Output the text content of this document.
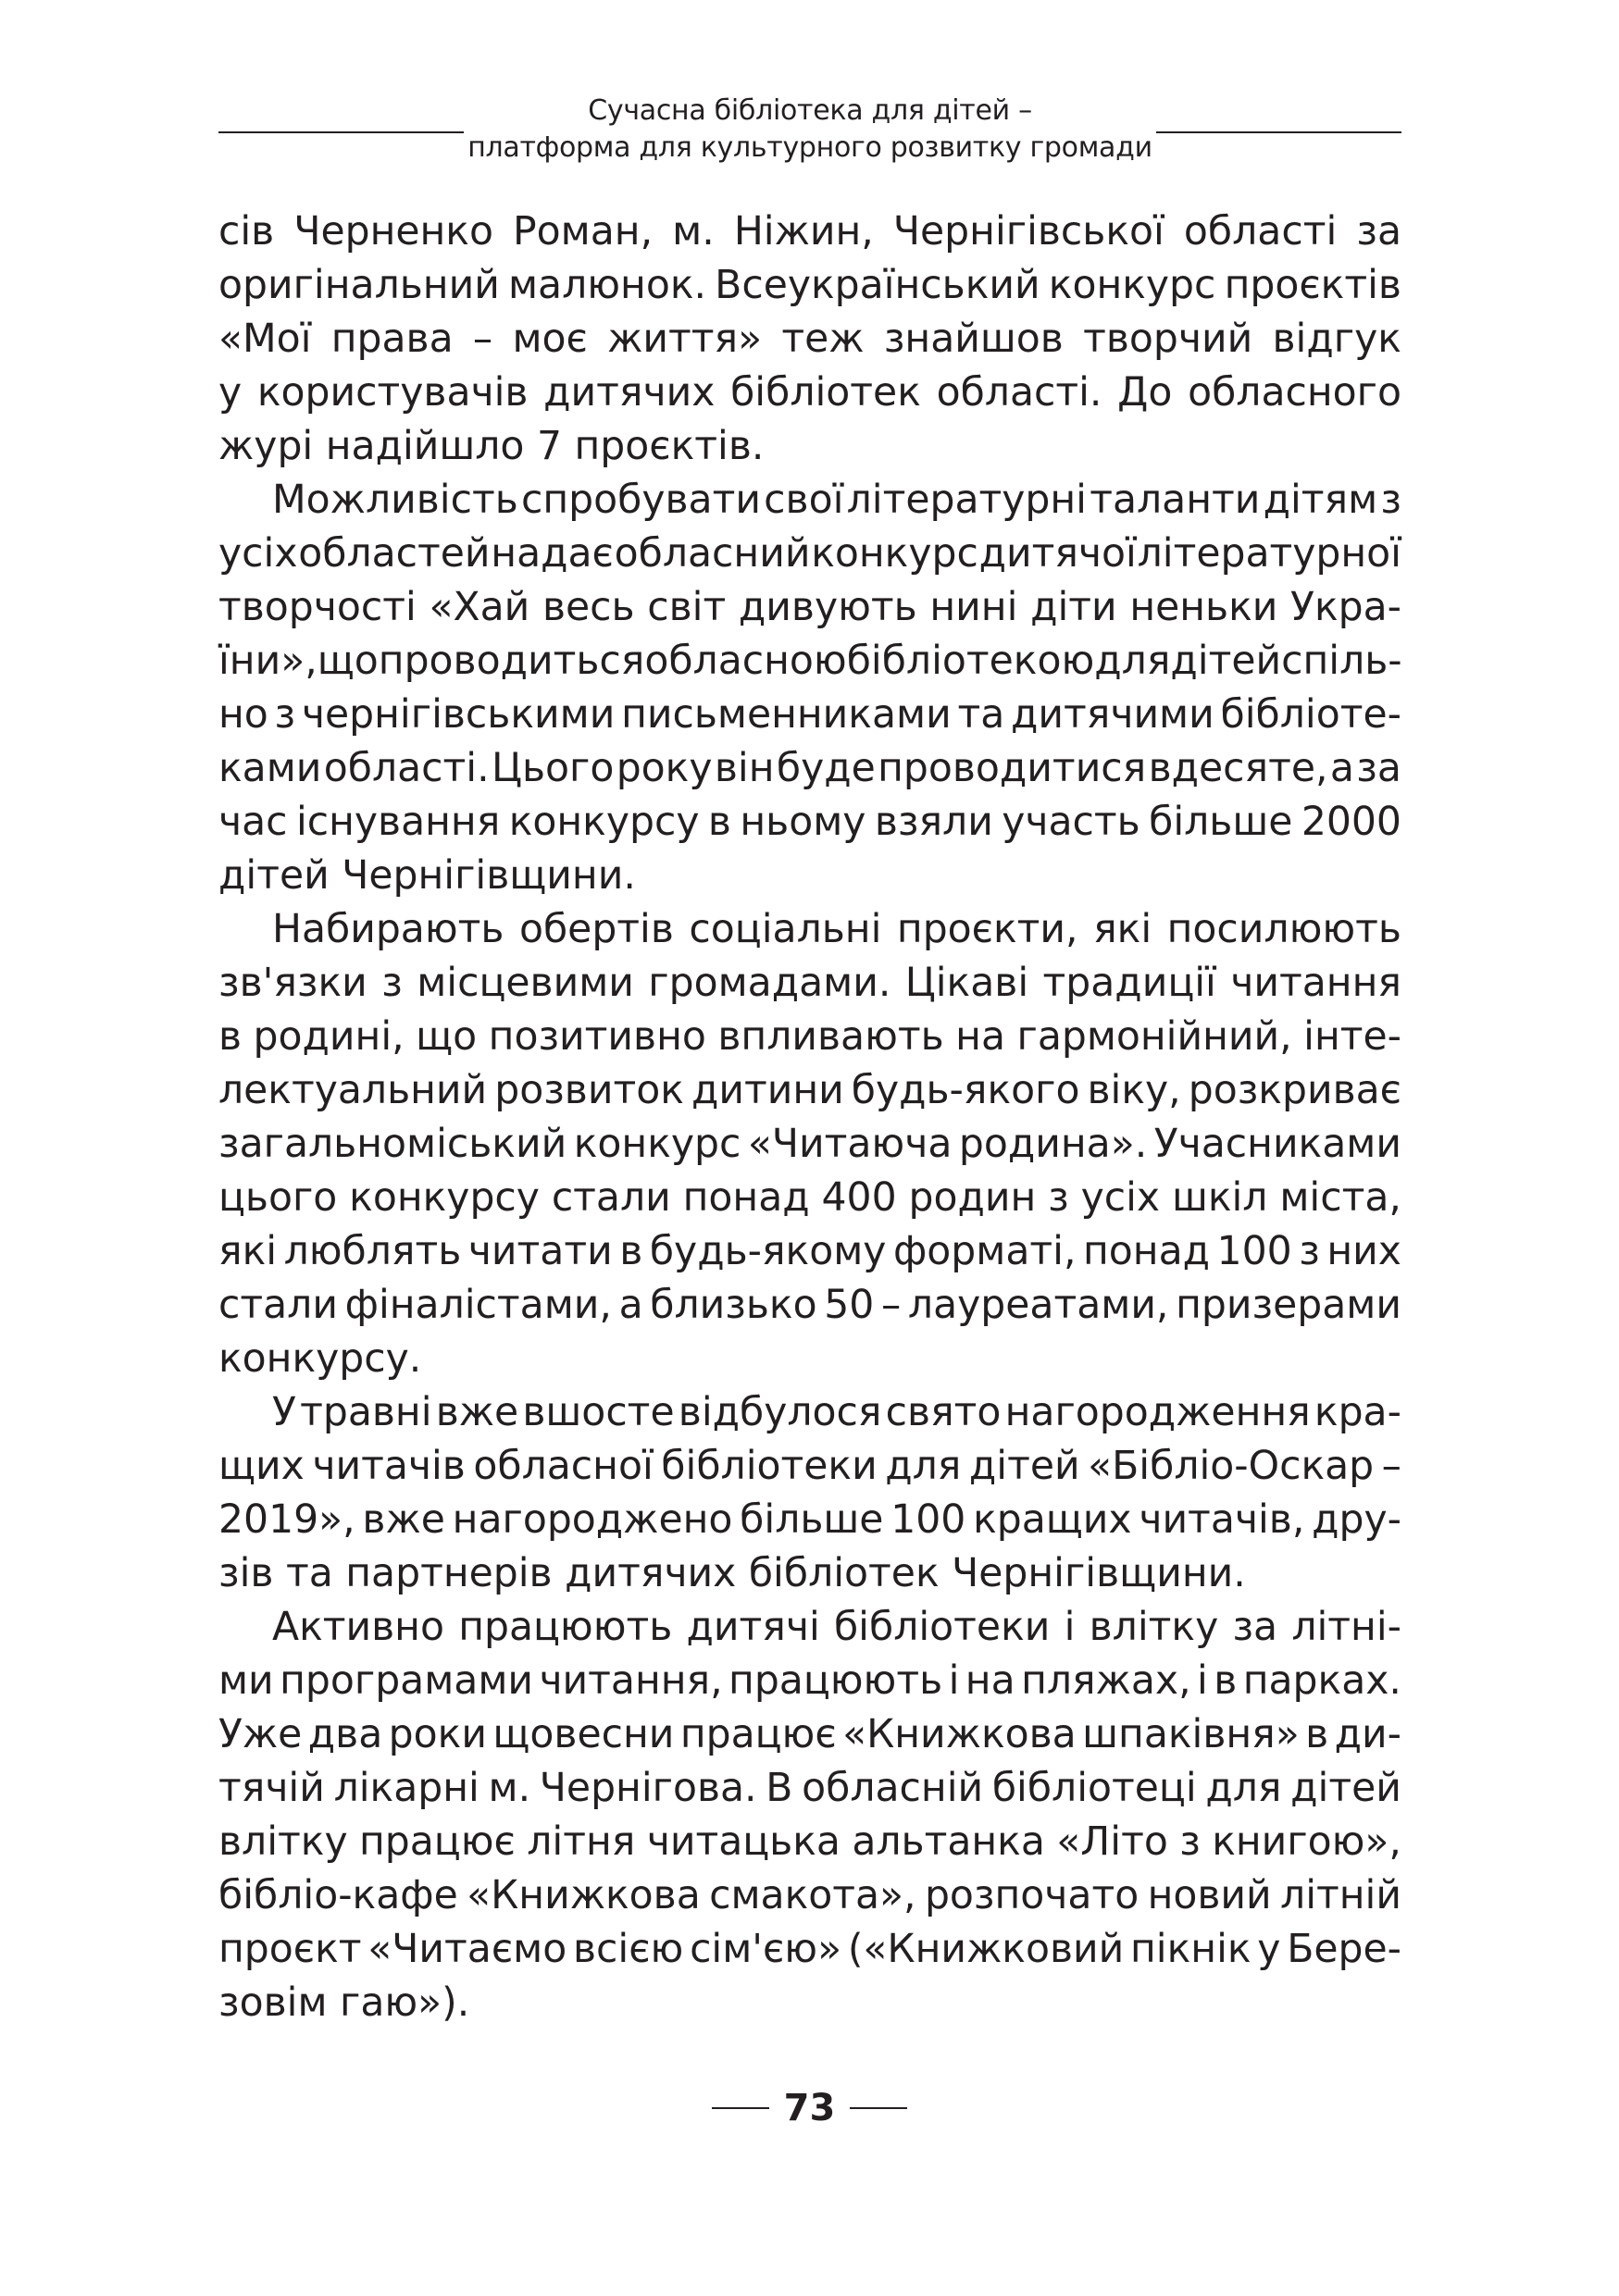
Сучасна бібліотека для дітей –
платформа для культурного розвитку громади
сів Черненко Роман, м. Ніжин, Чернігівської області за
оригінальний малюнок. Всеукраїнський конкурс проєктів
«Мої права – моє життя» теж знайшов творчий відгук
у користувачів дитячих бібліотек області. До обласного
журі надійшло 7 проєктів.
Можливість спробувати свої літературні таланти дітям з
усіх областей надає обласний конкурс дитячої літературної
творчості «Хай весь світ дивують нині діти неньки Укра-
їни», що проводиться обласною бібліотекою для дітей спіль-
но з чернігівськими письменниками та дитячими бібліоте-
ками області. Цього року він буде проводитися вдесяте, а за
час існування конкурсу в ньому взяли участь більше 2000
дітей Чернігівщини.
Набирають обертів соціальні проєкти, які посилюють
зв'язки з місцевими громадами. Цікаві традиції читання
в родині, що позитивно впливають на гармонійний, інте-
лектуальний розвиток дитини будь-якого віку, розкриває
загальноміський конкурс «Читаюча родина». Учасниками
цього конкурсу стали понад 400 родин з усіх шкіл міста,
які люблять читати в будь-якому форматі, понад 100 з них
стали фіналістами, а близько 50 – лауреатами, призерами
конкурсу.
У травні вже вшосте відбулося свято нагородження кра-
щих читачів обласної бібліотеки для дітей «Бібліо-Оскар –
2019», вже нагороджено більше 100 кращих читачів, дру-
зів та партнерів дитячих бібліотек Чернігівщини.
Активно працюють дитячі бібліотеки і влітку за літні-
ми програмами читання, працюють і на пляжах, і в парках.
Уже два роки щовесни працює «Книжкова шпаківня» в ди-
тячій лікарні м. Чернігова. В обласній бібліотеці для дітей
влітку працює літня читацька альтанка «Літо з книгою»,
бібліо-кафе «Книжкова смакота», розпочато новий літній
проєкт «Читаємо всією сім'єю» («Книжковий пікнік у Бере-
зовім гаю»).
73
